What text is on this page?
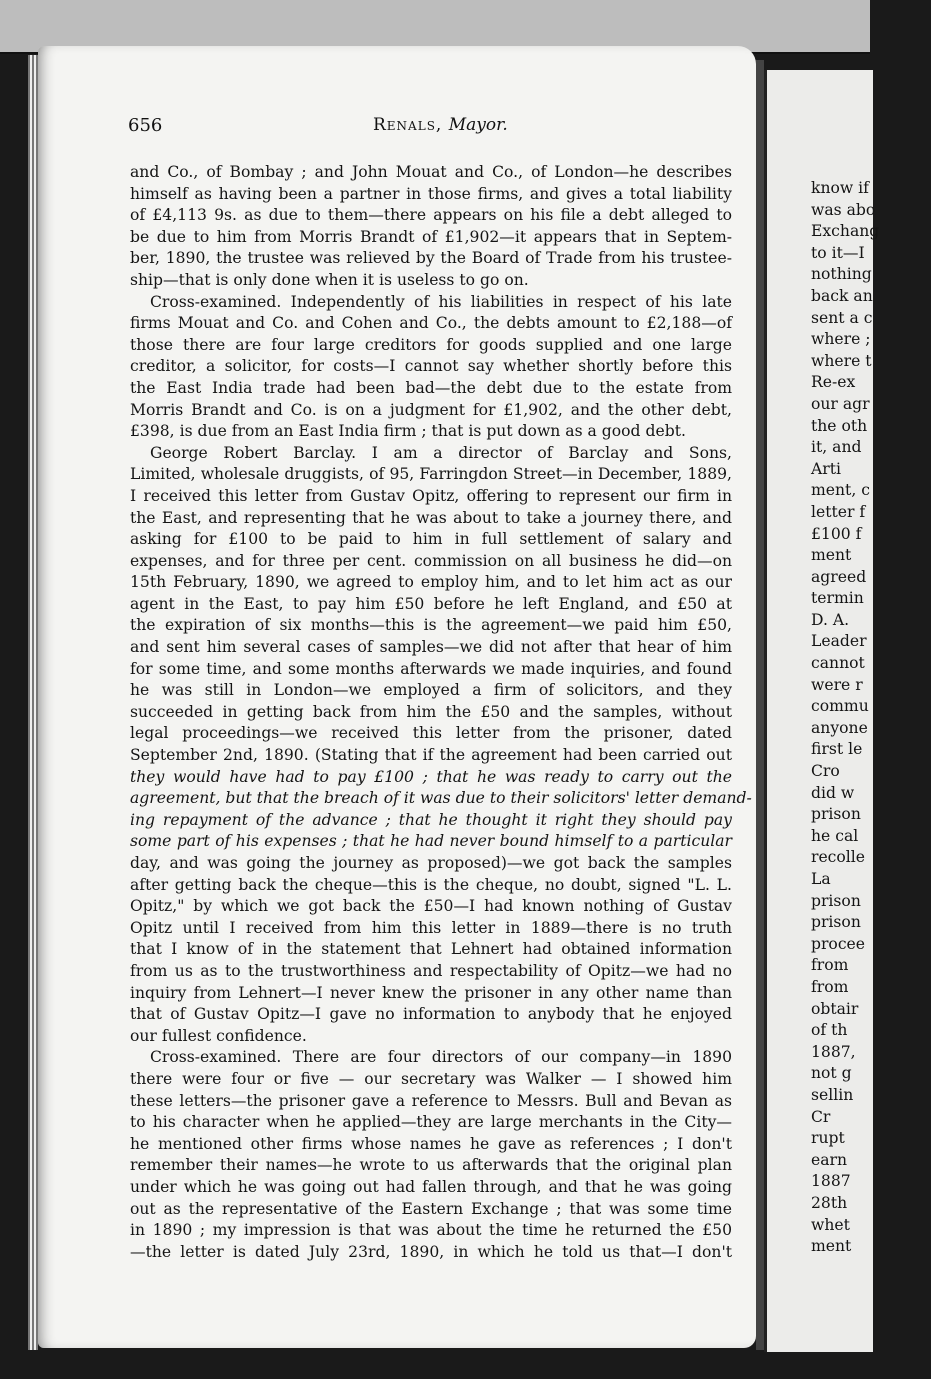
656	Renals, Mayor.
and Co., of Bombay ; and John Mouat and Co., of London—he describes
himself as having been a partner in those firms, and gives a total liability
of £4,113 9s. as due to them—there appears on his file a debt alleged to
be due to him from Morris Brandt of £1,902—it appears that in Septem-
ber, 1890, the trustee was relieved by the Board of Trade from his trustee-
ship—that is only done when it is useless to go on.
Cross-examined. Independently of his liabilities in respect of his late
firms Mouat and Co. and Cohen and Co., the debts amount to £2,188—of
those there are four large creditors for goods supplied and one large
creditor, a solicitor, for costs—I cannot say whether shortly before this
the East India trade had been bad—the debt due to the estate from
Morris Brandt and Co. is on a judgment for £1,902, and the other debt,
£398, is due from an East India firm ; that is put down as a good debt.
George Robert Barclay. I am a director of Barclay and Sons,
Limited, wholesale druggists, of 95, Farringdon Street—in December, 1889,
I received this letter from Gustav Opitz, offering to represent our firm in
the East, and representing that he was about to take a journey there, and
asking for £100 to be paid to him in full settlement of salary and
expenses, and for three per cent. commission on all business he did—on
15th February, 1890, we agreed to employ him, and to let him act as our
agent in the East, to pay him £50 before he left England, and £50 at
the expiration of six months—this is the agreement—we paid him £50,
and sent him several cases of samples—we did not after that hear of him
for some time, and some months afterwards we made inquiries, and found
he was still in London—we employed a firm of solicitors, and they
succeeded in getting back from him the £50 and the samples, without
legal proceedings—we received this letter from the prisoner, dated
September 2nd, 1890. (Stating that if the agreement had been carried out
they would have had to pay £100 ; that he was ready to carry out the
agreement, but that the breach of it was due to their solicitors' letter demand-
ing repayment of the advance ; that he thought it right they should pay
some part of his expenses ; that he had never bound himself to a particular
day, and was going the journey as proposed)—we got back the samples
after getting back the cheque—this is the cheque, no doubt, signed "L. L.
Opitz," by which we got back the £50—I had known nothing of Gustav
Opitz until I received from him this letter in 1889—there is no truth
that I know of in the statement that Lehnert had obtained information
from us as to the trustworthiness and respectability of Opitz—we had no
inquiry from Lehnert—I never knew the prisoner in any other name than
that of Gustav Opitz—I gave no information to anybody that he enjoyed
our fullest confidence.
Cross-examined. There are four directors of our company—in 1890
there were four or five — our secretary was Walker — I showed him
these letters—the prisoner gave a reference to Messrs. Bull and Bevan as
to his character when he applied—they are large merchants in the City—
he mentioned other firms whose names he gave as references ; I don't
remember their names—he wrote to us afterwards that the original plan
under which he was going out had fallen through, and that he was going
out as the representative of the Eastern Exchange ; that was some time
in 1890 ; my impression is that was about the time he returned the £50
—the letter is dated July 23rd, 1890, in which he told us that—I don't
know if
was abo
Exchang
to it—I
nothing
back an
sent a c
where ;
where t
Re-ex
our agr
the oth
it, and
Arti
ment, c
letter f
£100 f
ment
agreed
termin
D. A.
Leader
cannot
were r
commu
anyone
first le
Cro
did w
prison
he cal
recolle
La
prison
prison
procee
from
from
obtair
of th
1887,
not g
sellin
Cr
rupt
earn
1887
28th
whet
ment
